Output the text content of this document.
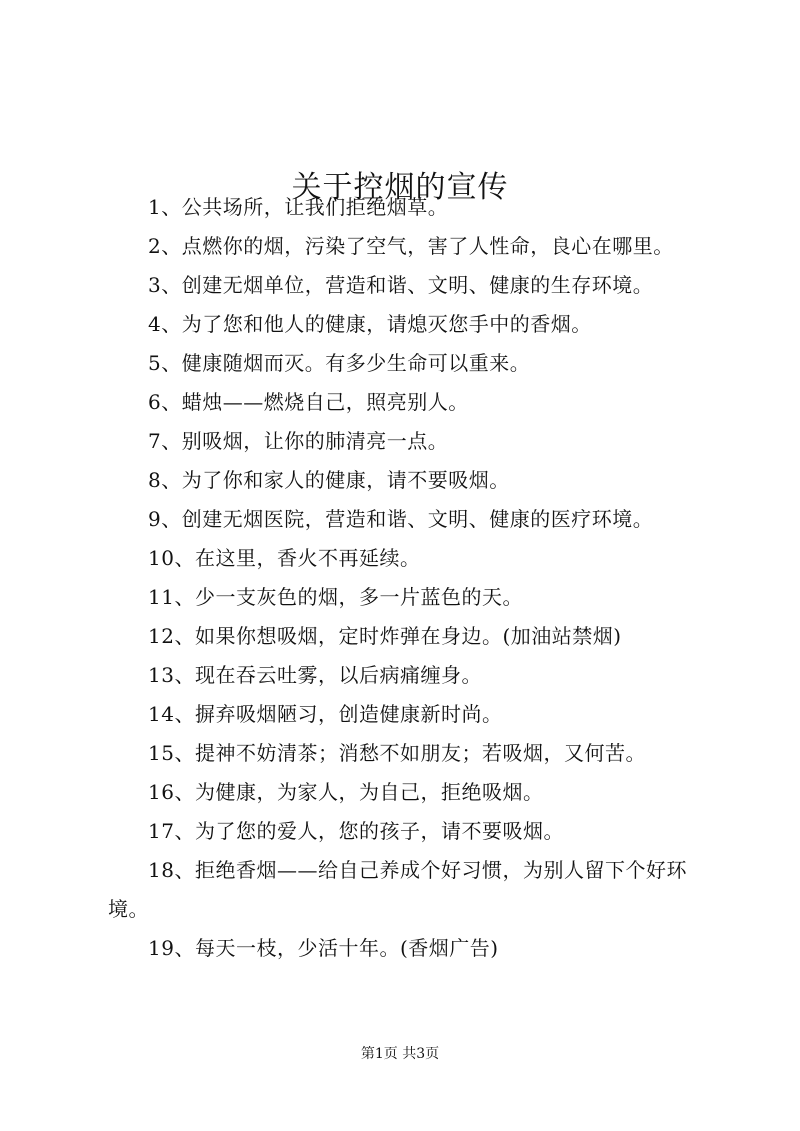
关于控烟的宣传

1、公共场所，让我们拒绝烟草。

2、点燃你的烟，污染了空气，害了人性命，良心在哪里。

3、创建无烟单位，营造和谐、文明、健康的生存环境。

4、为了您和他人的健康，请熄灭您手中的香烟。

5、健康随烟而灭。有多少生命可以重来。

6、蜡烛——燃烧自己，照亮别人。

7、别吸烟，让你的肺清亮一点。

8、为了你和家人的健康，请不要吸烟。

9、创建无烟医院，营造和谐、文明、健康的医疗环境。

10、在这里，香火不再延续。

11、少一支灰色的烟，多一片蓝色的天。

12、如果你想吸烟，定时炸弹在身边。(加油站禁烟)

13、现在吞云吐雾，以后病痛缠身。

14、摒弃吸烟陋习，创造健康新时尚。

15、提神不妨清茶；消愁不如朋友；若吸烟，又何苦。

16、为健康，为家人，为自己，拒绝吸烟。

17、为了您的爱人，您的孩子，请不要吸烟。

18、拒绝香烟——给自己养成个好习惯，为别人留下个好环境。

19、每天一枝，少活十年。(香烟广告)

第1页 共3页
